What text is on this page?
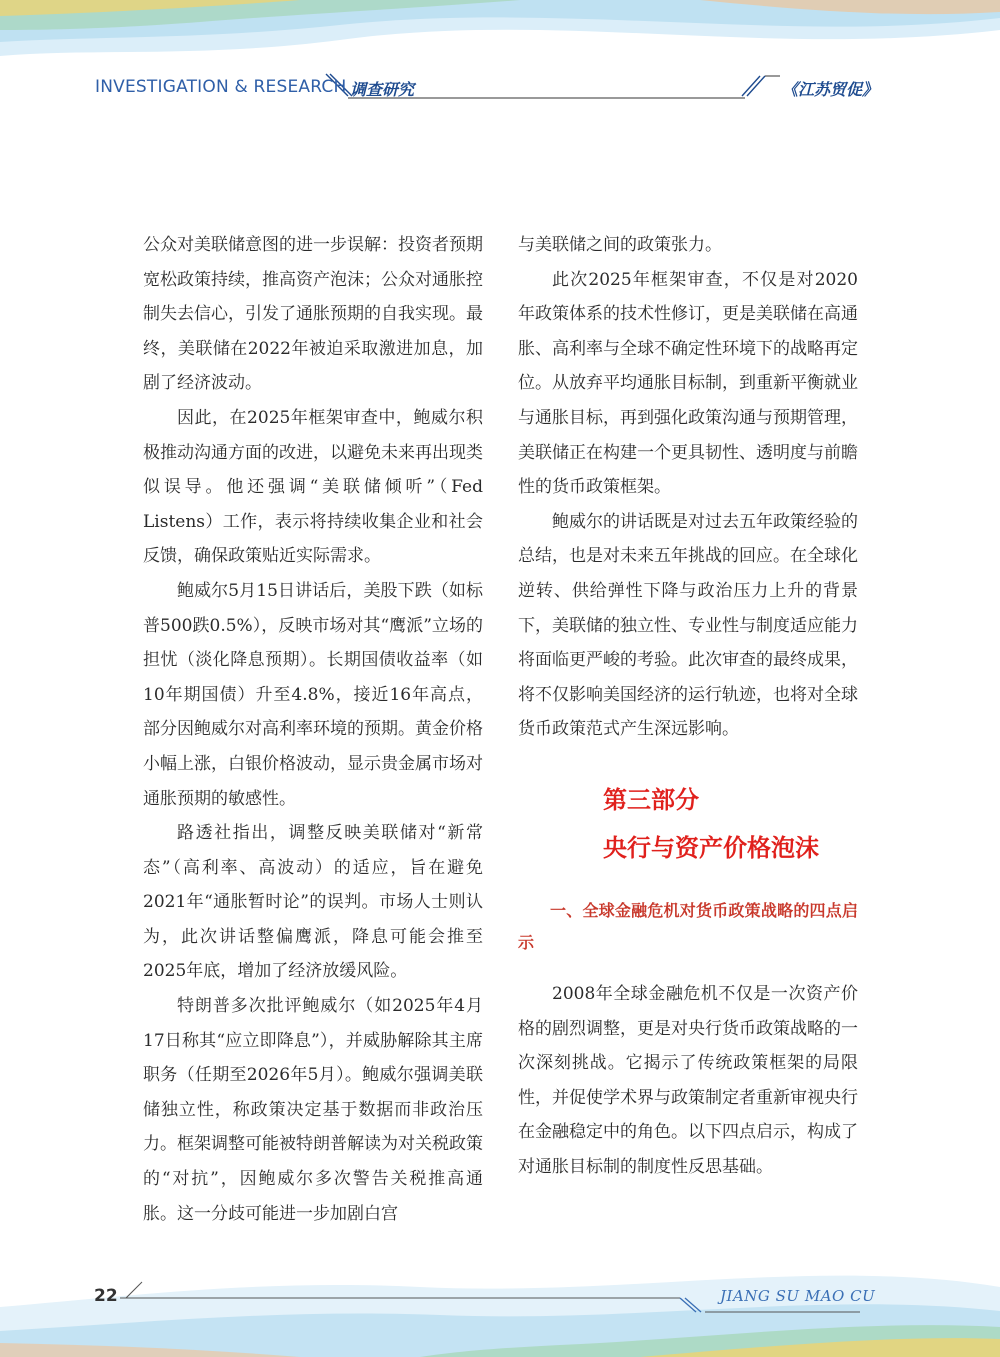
INVESTIGATION & RESEARCH 调查研究	《江苏贸促》

公众对美联储意图的进一步误解：投资者预期宽松政策持续，推高资产泡沫；公众对通胀控制失去信心，引发了通胀预期的自我实现。最终，美联储在2022年被迫采取激进加息，加剧了经济波动。

因此，在2025年框架审查中，鲍威尔积极推动沟通方面的改进，以避免未来再出现类似误导。他还强调“美联储倾听”（Fed Listens）工作，表示将持续收集企业和社会反馈，确保政策贴近实际需求。

鲍威尔5月15日讲话后，美股下跌（如标普500跌0.5%），反映市场对其“鹰派”立场的担忧（淡化降息预期）。长期国债收益率（如10年期国债）升至4.8%，接近16年高点，部分因鲍威尔对高利率环境的预期。黄金价格小幅上涨，白银价格波动，显示贵金属市场对通胀预期的敏感性。

路透社指出，调整反映美联储对“新常态”（高利率、高波动）的适应，旨在避免2021年“通胀暂时论”的误判。市场人士则认为，此次讲话整偏鹰派，降息可能会推至2025年底，增加了经济放缓风险。

特朗普多次批评鲍威尔（如2025年4月17日称其“应立即降息”），并威胁解除其主席职务（任期至2026年5月）。鲍威尔强调美联储独立性，称政策决定基于数据而非政治压力。框架调整可能被特朗普解读为对关税政策的“对抗”，因鲍威尔多次警告关税推高通胀。这一分歧可能进一步加剧白宫

与美联储之间的政策张力。

此次2025年框架审查，不仅是对2020年政策体系的技术性修订，更是美联储在高通胀、高利率与全球不确定性环境下的战略再定位。从放弃平均通胀目标制，到重新平衡就业与通胀目标，再到强化政策沟通与预期管理，美联储正在构建一个更具韧性、透明度与前瞻性的货币政策框架。

鲍威尔的讲话既是对过去五年政策经验的总结，也是对未来五年挑战的回应。在全球化逆转、供给弹性下降与政治压力上升的背景下，美联储的独立性、专业性与制度适应能力将面临更严峻的考验。此次审查的最终成果，将不仅影响美国经济的运行轨迹，也将对全球货币政策范式产生深远影响。

第三部分

央行与资产价格泡沫

一、全球金融危机对货币政策战略的四点启示

2008年全球金融危机不仅是一次资产价格的剧烈调整，更是对央行货币政策战略的一次深刻挑战。它揭示了传统政策框架的局限性，并促使学术界与政策制定者重新审视央行在金融稳定中的角色。以下四点启示，构成了对通胀目标制的制度性反思基础。

22	JIANG SU MAO CU
